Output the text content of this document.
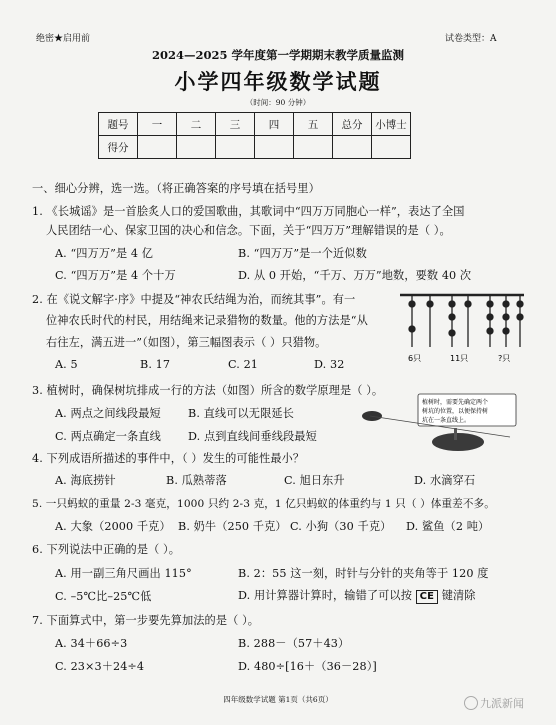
绝密★启用前	试卷类型：A
2024—2025 学年度第一学期期末教学质量监测
小学四年级数学试题
（时间：90 分钟）
题号	一	二	三	四	五	总分	小博士
得分							
一、细心分辨，选一选。（将正确答案的序号填在括号里）
1. 《长城谣》是一首脍炙人口的爱国歌曲，其歌词中“四万万同胞心一样”，表达了全国
人民团结一心、保家卫国的决心和信念。下面，关于“四万万”理解错误的是（ ）。
A. “四万万”是 4 亿	B. “四万万”是一个近似数
C. “四万万”是 4 个十万	D. 从 0 开始，“千万、万万”地数，要数 40 次
2. 在《说文解字·序》中提及“神农氏结绳为治，而统其事”。有一
位神农氏时代的村民，用结绳来记录猎物的数量。他的方法是“从
右往左，满五进一”（如图），第三幅图表示（ ）只猎物。
A. 5	B. 17	C. 21	D. 32	6只	11只	?只
3. 植树时，确保树坑排成一行的方法（如图）所含的数学原理是（ ）。
A. 两点之间线段最短 B. 直线可以无限延长
C. 两点确定一条直线 D. 点到直线间垂线段最短
植树时，需要先确定两个
树坑的位置，以便保持树
坑在一条直线上。
4. 下列成语所描述的事件中，（ ）发生的可能性最小？
A. 海底捞针	B. 瓜熟蒂落	C. 旭日东升	D. 水滴穿石
5. 一只蚂蚁的重量 2-3 毫克，1000 只约 2-3 克，1 亿只蚂蚁的体重约与 1 只（ ）体重差不多。
A. 大象（2000 千克） B. 奶牛（250 千克） C. 小狗（30 千克） D. 鲨鱼（2 吨）
6. 下列说法中正确的是（ ）。
A. 用一副三角尺画出 115°	B. 2：55 这一刻，时针与分针的夹角等于 120 度
C. –5℃比–25℃低	D. 用计算器计算时，输错了可以按 CE 键清除
7. 下面算式中，第一步要先算加法的是（ ）。
A. 34＋66÷3	B. 288－（57＋43）
C. 23×3＋24÷4	D. 480÷[16＋（36－28）]
四年级数学试题 第1页（共6页）	九派新闻
